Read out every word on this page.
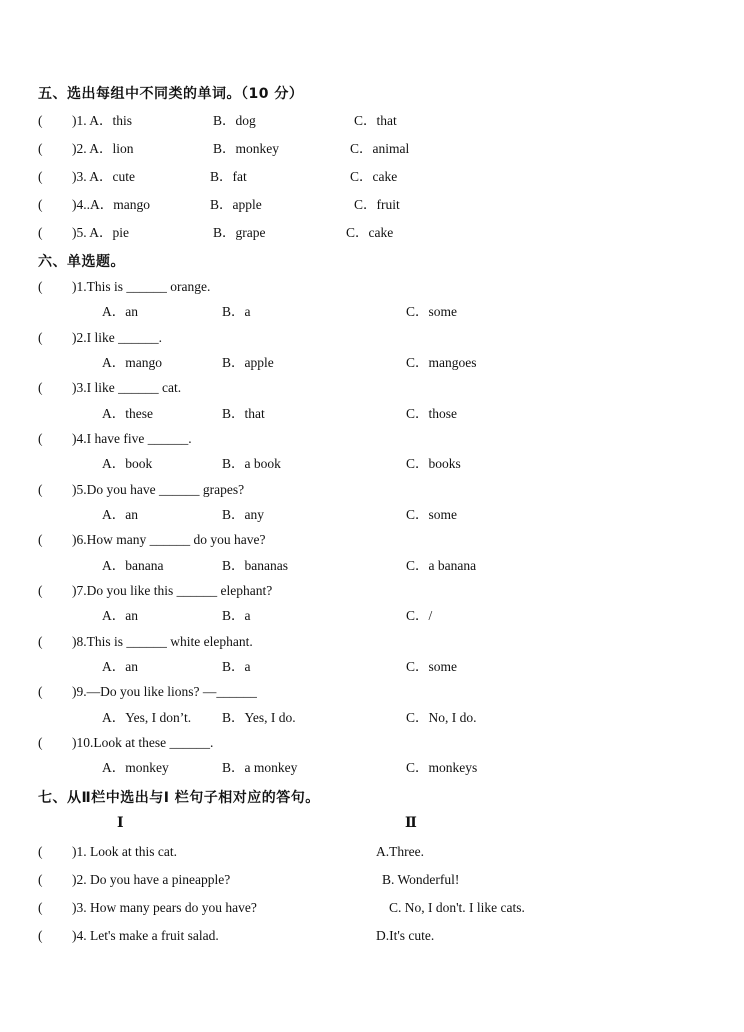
五、选出每组中不同类的单词。（10 分）
( )1. A．this	B．dog	C．that
( )2. A．lion	B．monkey	C．animal
( )3. A．cute	B．fat	C．cake
( )4..A．mango	B．apple	C．fruit
( )5. A．pie	B．grape	C．cake
六、单选题。
( )1.This is ______ orange.
A．an	B．a	C．some
( )2.I like ______.
A．mango	B．apple	C．mangoes
( )3.I like ______ cat.
A．these	B．that	C．those
( )4.I have five ______.
A．book	B．a book	C．books
( )5.Do you have ______ grapes?
A．an	B．any	C．some
( )6.How many ______ do you have?
A．banana	B．bananas	C．a banana
( )7.Do you like this ______ elephant?
A．an	B．a	C．/
( )8.This is ______ white elephant.
A．an	B．a	C．some
( )9.—Do you like lions? —______
A．Yes, I don’t. B．Yes, I do.	C．No, I do.
( )10.Look at these ______.
A．monkey	B．a monkey	C．monkeys
七、从Ⅱ栏中选出与Ⅰ 栏句子相对应的答句。
Ⅰ	Ⅱ
( )1. Look at this cat.	A.Three.
( )2. Do you have a pineapple?	B. Wonderful!
( )3. How many pears do you have?	C. No, I don't. I like cats.
( )4. Let's make a fruit salad.	D.It's cute.
